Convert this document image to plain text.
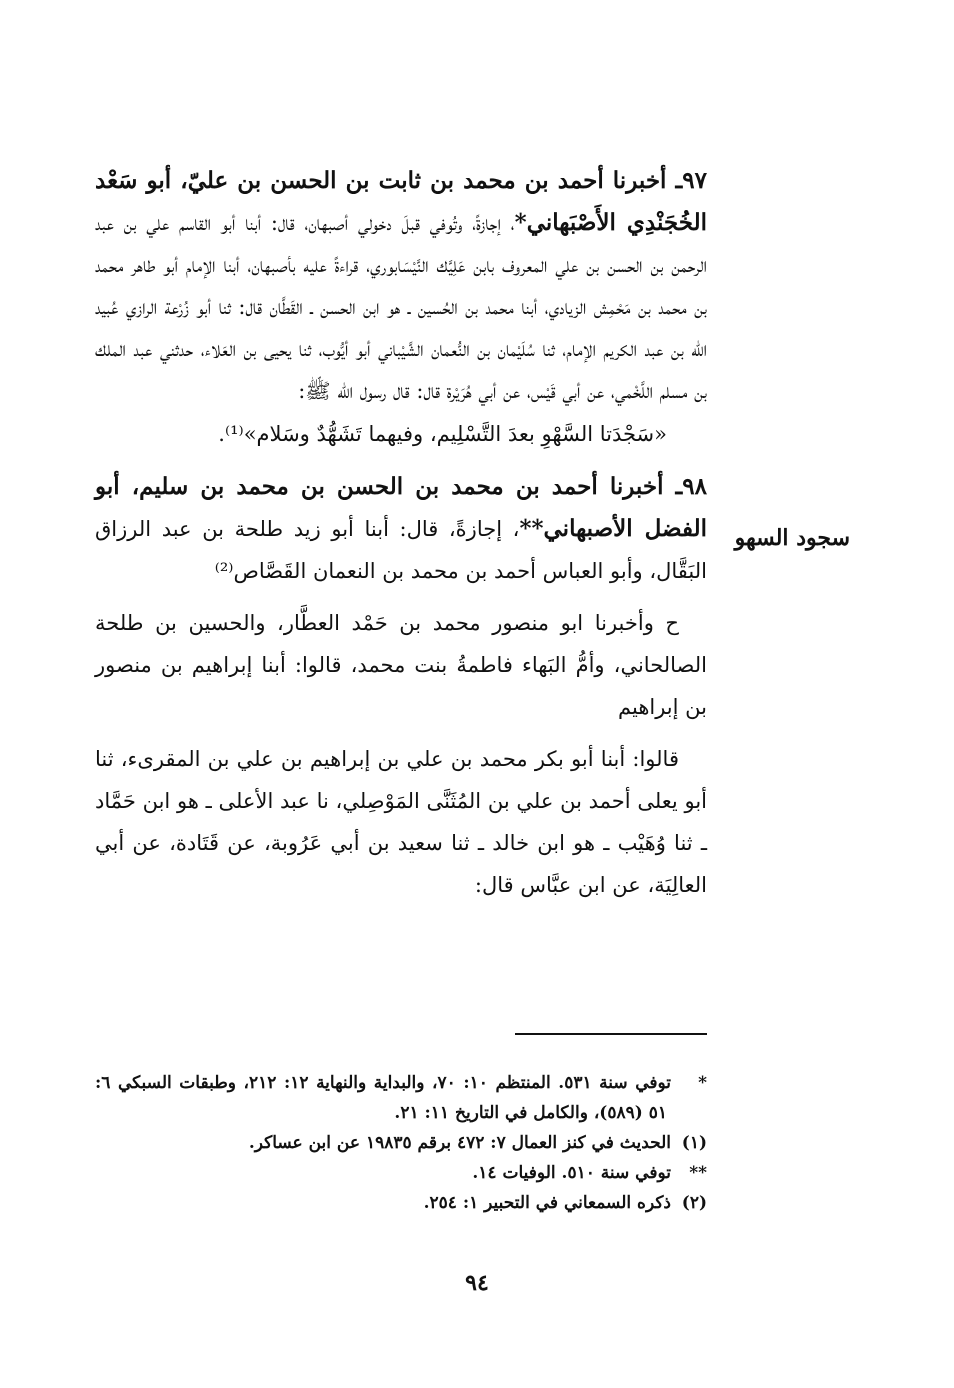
سجود السهو

٩٧ـ أخبرنا أحمد بن محمد بن ثابت بن الحسن بن عليّ، أبو سَعْد الخُجَنْدِي الأَصْبَهاني*، إجازةً، وتُوفي قبلَ دخولي أصبهان، قال: أبنا أبو القاسم علي بن عبد الرحمن بن الحسن بن علي المعروف بابن عَلِيَّك النَّيْسَابوري، قراءةً عليه بأصبهان، أبنا الإمام أبو طاهر محمد بن محمد بن مَحْمِش الزيادي، أبنا محمد بن الحُسين ـ هو ابن الحسن ـ القَطَّان قال: ثنا أبو زُرْعة الرازي عُبيد الله بن عبد الكريم الإمام، ثنا سُلَيْمان بن النُّعمان الشَّيْباني أبو أيُّوب، ثنا يحيى بن العَلاء، حدثني عبد الملك بن مسلم اللَّخْمي، عن أبي قَيْس، عن أبي هُرَيْرة قال: قال رسول الله ﷺ:

«سَجْدَتا السَّهْوِ بعدَ التَّسْلِيم، وفيهما تَشَهُّدٌ وسَلام»⁽¹⁾.

٩٨ـ أخبرنا أحمد بن محمد بن الحسن بن محمد بن سليم، أبو الفضل الأصبهاني**، إجازةً، قال: أبنا أبو زيد طلحة بن عبد الرزاق البَقَّال، وأبو العباس أحمد بن محمد بن النعمان القَصَّاص⁽²⁾

ح وأخبرنا ابو منصور محمد بن حَمْد العطَّار، والحسين بن طلحة الصالحاني، وأمُّ البَهاء فاطمةُ بنت محمد، قالوا: أبنا إبراهيم بن منصور بن إبراهيم

قالوا: أبنا أبو بكر محمد بن علي بن إبراهيم بن علي بن المقرىء، ثنا أبو يعلى أحمد بن علي بن المُثَنَّى المَوْصِلي، نا عبد الأعلى ـ هو ابن حَمَّاد ـ ثنا وُهَيْب ـ هو ابن خالد ـ ثنا سعيد بن أبي عَرُوبة، عن قَتَادة، عن أبي العالِيَة، عن ابن عبَّاس قال:

*توفي سنة ٥٣١. المنتظم ١٠: ٧٠، والبداية والنهاية ١٢: ٢١٢، وطبقات السبكي ٦: ٥١ (٥٨٩)، والكامل في التاريخ ١١: ٢١.

(١)الحديث في كنز العمال ٧: ٤٧٢ برقم ١٩٨٣٥ عن ابن عساكر.

**توفي سنة ٥١٠. الوفيات ١٤.

(٢)ذكره السمعاني في التحبير ١: ٢٥٤.

٩٤
